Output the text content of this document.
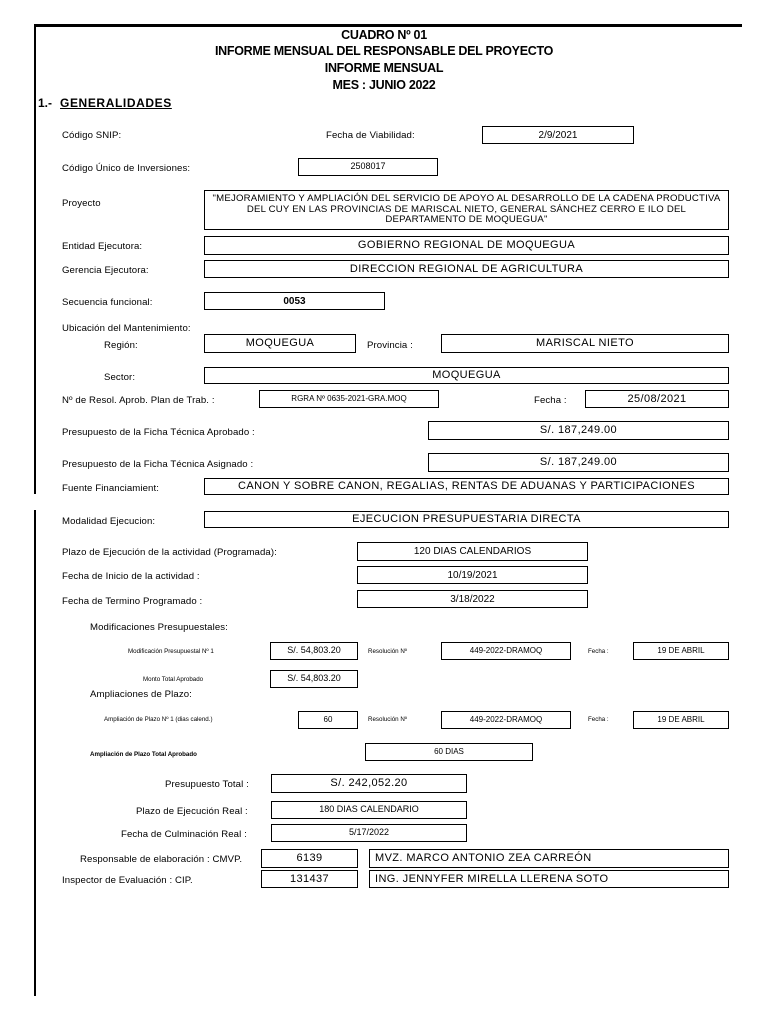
CUADRO Nº 01
INFORME MENSUAL DEL RESPONSABLE DEL PROYECTO
INFORME MENSUAL
MES : JUNIO 2022
1.- GENERALIDADES
Código SNIP:	Fecha de Viabilidad:	2/9/2021
Código Único de Inversiones:	2508017
Proyecto	"MEJORAMIENTO Y AMPLIACIÓN DEL SERVICIO DE APOYO AL DESARROLLO DE LA CADENA PRODUCTIVA DEL CUY EN LAS PROVINCIAS DE MARISCAL NIETO, GENERAL SÁNCHEZ CERRO E ILO DEL DEPARTAMENTO DE MOQUEGUA"
Entidad Ejecutora:	GOBIERNO REGIONAL DE MOQUEGUA
Gerencia Ejecutora:	DIRECCION REGIONAL DE AGRICULTURA
Secuencia funcional:	0053
Ubicación del Mantenimiento:
Región:	MOQUEGUA	Provincia :	MARISCAL NIETO
Sector:	MOQUEGUA
Nº de Resol. Aprob. Plan de Trab. :	RGRA Nº 0635-2021-GRA.MOQ	Fecha :	25/08/2021
Presupuesto de la Ficha Técnica Aprobado :	S/. 187,249.00
Presupuesto de la Ficha Técnica Asignado :	S/. 187,249.00
Fuente Financiamient:	CANON Y SOBRE CANON, REGALIAS, RENTAS DE ADUANAS Y PARTICIPACIONES
Modalidad Ejecucion:	EJECUCION PRESUPUESTARIA DIRECTA
Plazo de Ejecución de la actividad (Programada):	120 DIAS CALENDARIOS
Fecha de Inicio de la actividad :	10/19/2021
Fecha de Termino Programado :	3/18/2022
Modificaciones Presupuestales:
Modificación Presupuestal Nº 1	S/. 54,803.20	Resolución Nº	449-2022-DRAMOQ	Fecha :	19 DE ABRIL
Monto Total Aprobado	S/. 54,803.20
Ampliaciones de Plazo:
Ampliación de Plazo Nº 1 (dias calend.)	60	Resolución Nº	449-2022-DRAMOQ	Fecha :	19 DE ABRIL
Ampliación de Plazo Total Aprobado	60 DIAS
Presupuesto Total :	S/. 242,052.20
Plazo de Ejecución Real :	180 DIAS CALENDARIO
Fecha de Culminación Real :	5/17/2022
Responsable de elaboración : CMVP.	6139	MVZ. MARCO ANTONIO ZEA CARREÓN
Inspector de Evaluación : CIP.	131437	ING. JENNYFER MIRELLA LLERENA SOTO
